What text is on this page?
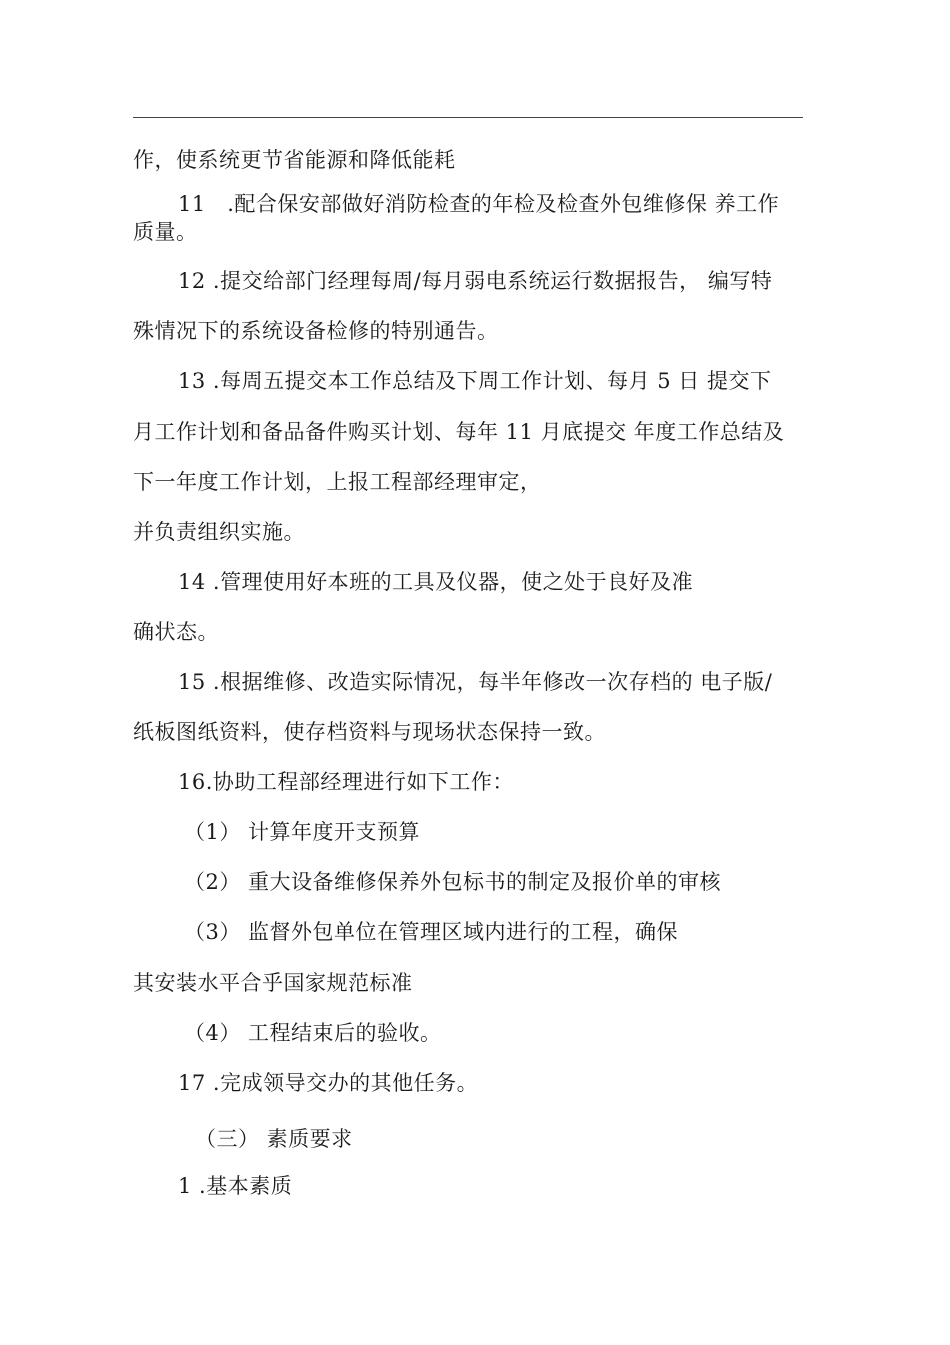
作，使系统更节省能源和降低能耗
11　.配合保安部做好消防检查的年检及检查外包维修保 养工作
质量。
12 .提交给部门经理每周/每月弱电系统运行数据报告， 编写特
殊情况下的系统设备检修的特别通告。
13 .每周五提交本工作总结及下周工作计划、每月 5 日 提交下
月工作计划和备品备件购买计划、每年 11 月底提交 年度工作总结及
下一年度工作计划，上报工程部经理审定，
并负责组织实施。
14 .管理使用好本班的工具及仪器，使之处于良好及准
确状态。
15 .根据维修、改造实际情况，每半年修改一次存档的 电子版/
纸板图纸资料，使存档资料与现场状态保持一致。
16.协助工程部经理进行如下工作：
（1） 计算年度开支预算
（2） 重大设备维修保养外包标书的制定及报价单的审核
（3） 监督外包单位在管理区域内进行的工程，确保
其安装水平合乎国家规范标准
（4） 工程结束后的验收。
17 .完成领导交办的其他任务。
（三） 素质要求
1 .基本素质
